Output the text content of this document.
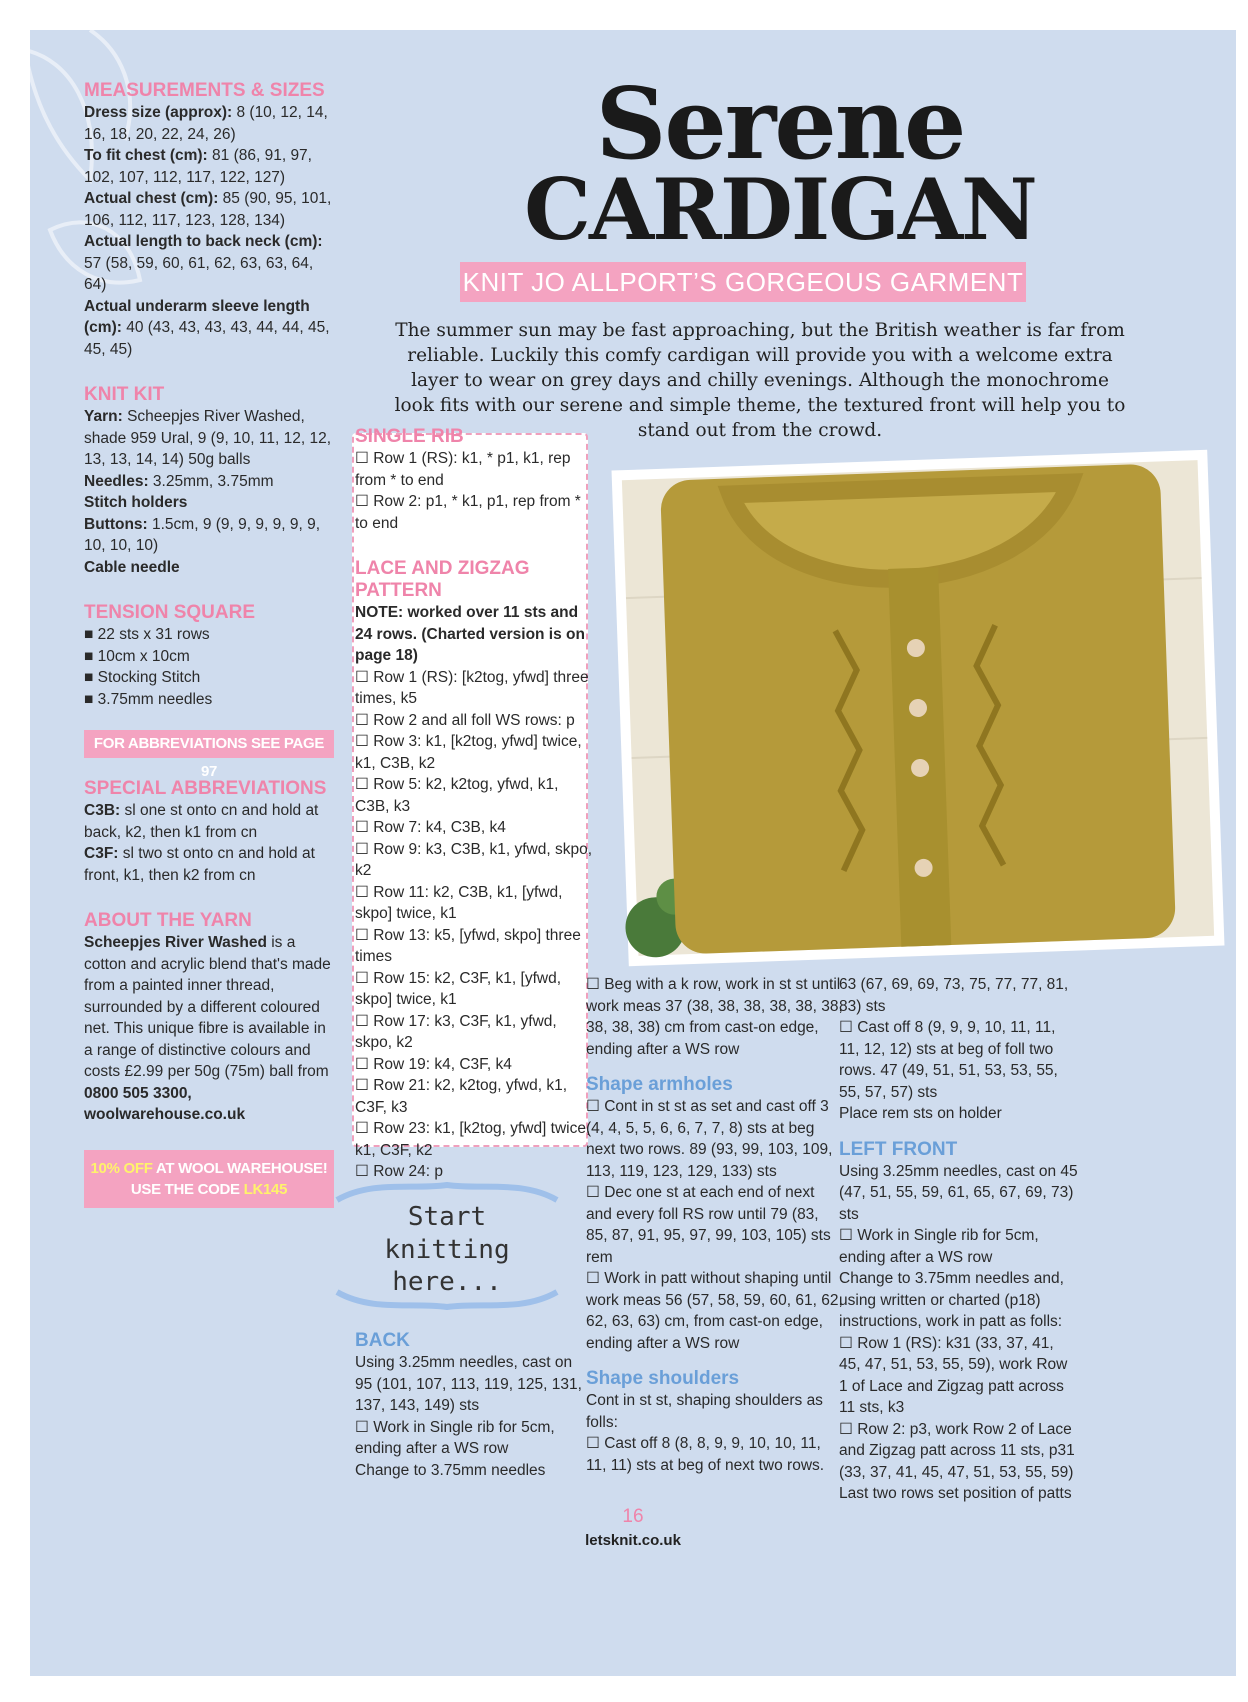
MEASUREMENTS & SIZES

Dress size (approx): 8 (10, 12, 14, 16, 18, 20, 22, 24, 26)

To fit chest (cm): 81 (86, 91, 97, 102, 107, 112, 117, 122, 127)

Actual chest (cm): 85 (90, 95, 101, 106, 112, 117, 123, 128, 134)

Actual length to back neck (cm): 57 (58, 59, 60, 61, 62, 63, 63, 64, 64)

Actual underarm sleeve length (cm): 40 (43, 43, 43, 43, 44, 44, 45, 45, 45)

KNIT KIT

Yarn: Scheepjes River Washed, shade 959 Ural, 9 (9, 10, 11, 12, 12, 13, 13, 14, 14) 50g balls

Needles: 3.25mm, 3.75mm

Stitch holders

Buttons: 1.5cm, 9 (9, 9, 9, 9, 9, 9, 10, 10, 10)

Cable needle

TENSION SQUARE

■ 22 sts x 31 rows

■ 10cm x 10cm

■ Stocking Stitch

■ 3.75mm needles

FOR ABBREVIATIONS SEE PAGE 97
SPECIAL ABBREVIATIONS

C3B: sl one st onto cn and hold at back, k2, then k1 from cn

C3F: sl two st onto cn and hold at front, k1, then k2 from cn

ABOUT THE YARN

Scheepjes River Washed is a cotton and acrylic blend that's made from a painted inner thread, surrounded by a different coloured net. This unique fibre is available in a range of distinctive colours and costs £2.99 per 50g (75m) ball from 0800 505 3300, woolwarehouse.co.uk

10% OFF AT WOOL WAREHOUSE!
USE THE CODE LK145
Serene
CARDIGAN
KNIT JO ALLPORT’S GORGEOUS GARMENT
The summer sun may be fast approaching, but the British weather is far from reliable. Luckily this comfy cardigan will provide you with a welcome extra layer to wear on grey days and chilly evenings. Although the monochrome look fits with our serene and simple theme, the textured front will help you to stand out from the crowd.
SINGLE RIB

☐ Row 1 (RS): k1, * p1, k1, rep from * to end

☐ Row 2: p1, * k1, p1, rep from * to end

LACE AND ZIGZAG PATTERN

NOTE: worked over 11 sts and 24 rows. (Charted version is on page 18)

☐ Row 1 (RS): [k2tog, yfwd] three times, k5

☐ Row 2 and all foll WS rows: p

☐ Row 3: k1, [k2tog, yfwd] twice, k1, C3B, k2

☐ Row 5: k2, k2tog, yfwd, k1, C3B, k3

☐ Row 7: k4, C3B, k4

☐ Row 9: k3, C3B, k1, yfwd, skpo, k2

☐ Row 11: k2, C3B, k1, [yfwd, skpo] twice, k1

☐ Row 13: k5, [yfwd, skpo] three times

☐ Row 15: k2, C3F, k1, [yfwd, skpo] twice, k1

☐ Row 17: k3, C3F, k1, yfwd, skpo, k2

☐ Row 19: k4, C3F, k4

☐ Row 21: k2, k2tog, yfwd, k1, C3F, k3

☐ Row 23: k1, [k2tog, yfwd] twice, k1, C3F, k2

☐ Row 24: p

Start
knitting
here...
BACK

Using 3.25mm needles, cast on 95 (101, 107, 113, 119, 125, 131, 137, 143, 149) sts

☐ Work in Single rib for 5cm, ending after a WS row

Change to 3.75mm needles

☐ Beg with a k row, work in st st until work meas 37 (38, 38, 38, 38, 38, 38, 38, 38, 38) cm from cast-on edge, ending after a WS row

Shape armholes

☐ Cont in st st as set and cast off 3 (4, 4, 5, 5, 6, 6, 7, 7, 8) sts at beg next two rows. 89 (93, 99, 103, 109, 113, 119, 123, 129, 133) sts

☐ Dec one st at each end of next and every foll RS row until 79 (83, 85, 87, 91, 95, 97, 99, 103, 105) sts rem

☐ Work in patt without shaping until work meas 56 (57, 58, 59, 60, 61, 62, 62, 63, 63) cm, from cast-on edge, ending after a WS row

Shape shoulders

Cont in st st, shaping shoulders as folls:

☐ Cast off 8 (8, 8, 9, 9, 10, 10, 11, 11, 11) sts at beg of next two rows.

63 (67, 69, 69, 73, 75, 77, 77, 81, 83) sts

☐ Cast off 8 (9, 9, 9, 10, 11, 11, 11, 12, 12) sts at beg of foll two rows. 47 (49, 51, 51, 53, 53, 55, 55, 57, 57) sts

Place rem sts on holder

LEFT FRONT

Using 3.25mm needles, cast on 45 (47, 51, 55, 59, 61, 65, 67, 69, 73) sts

☐ Work in Single rib for 5cm, ending after a WS row

Change to 3.75mm needles and, using written or charted (p18) instructions, work in patt as folls:

☐ Row 1 (RS): k31 (33, 37, 41, 45, 47, 51, 53, 55, 59), work Row 1 of Lace and Zigzag patt across 11 sts, k3

☐ Row 2: p3, work Row 2 of Lace and Zigzag patt across 11 sts, p31 (33, 37, 41, 45, 47, 51, 53, 55, 59)

Last two rows set position of patts

16
letsknit.co.uk
